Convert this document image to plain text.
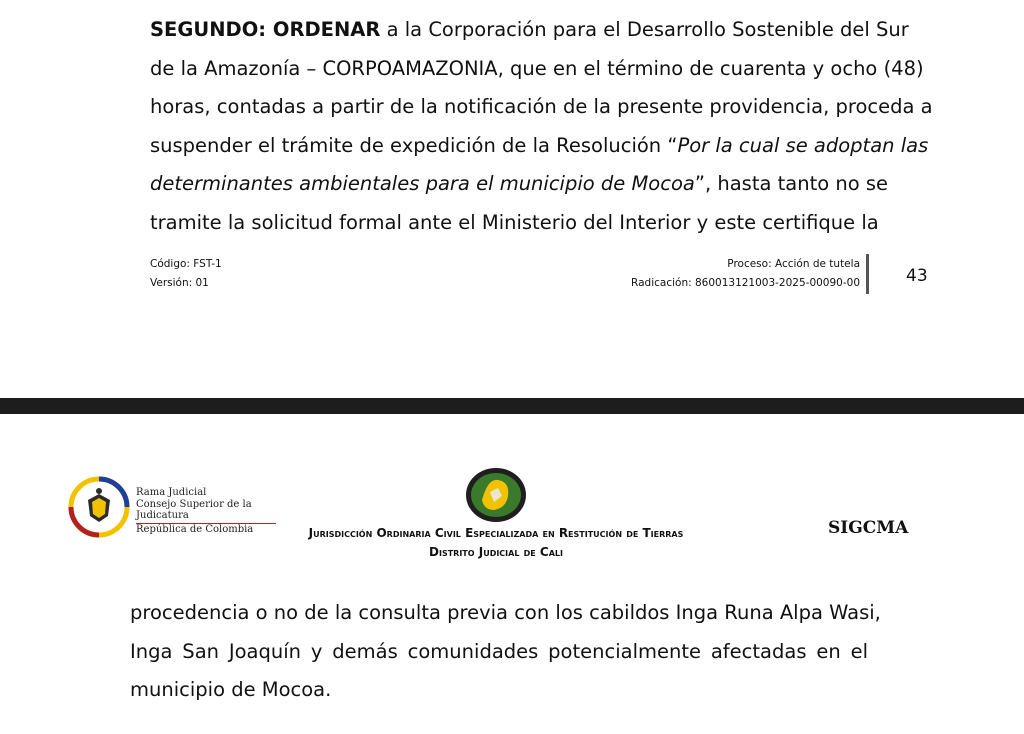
SEGUNDO: ORDENAR a la Corporación para el Desarrollo Sostenible del Sur
de la Amazonía – CORPOAMAZONIA, que en el término de cuarenta y ocho (48)
horas, contadas a partir de la notificación de la presente providencia, proceda a
suspender el trámite de expedición de la Resolución “Por la cual se adoptan las
determinantes ambientales para el municipio de Mocoa”, hasta tanto no se
tramite la solicitud formal ante el Ministerio del Interior y este certifique la
Código: FST-1
Versión: 01
Proceso: Acción de tutela
Radicación: 860013121003-2025-00090-00	43
Rama Judicial
Consejo Superior de la Judicatura
República de Colombia	Jurisdicción Ordinaria Civil Especializada en Restitución de Tierras
Distrito Judicial de Cali
SIGCMA
procedencia o no de la consulta previa con los cabildos Inga Runa Alpa Wasi,
Inga San Joaquín y demás comunidades potencialmente afectadas en el
municipio de Mocoa.
